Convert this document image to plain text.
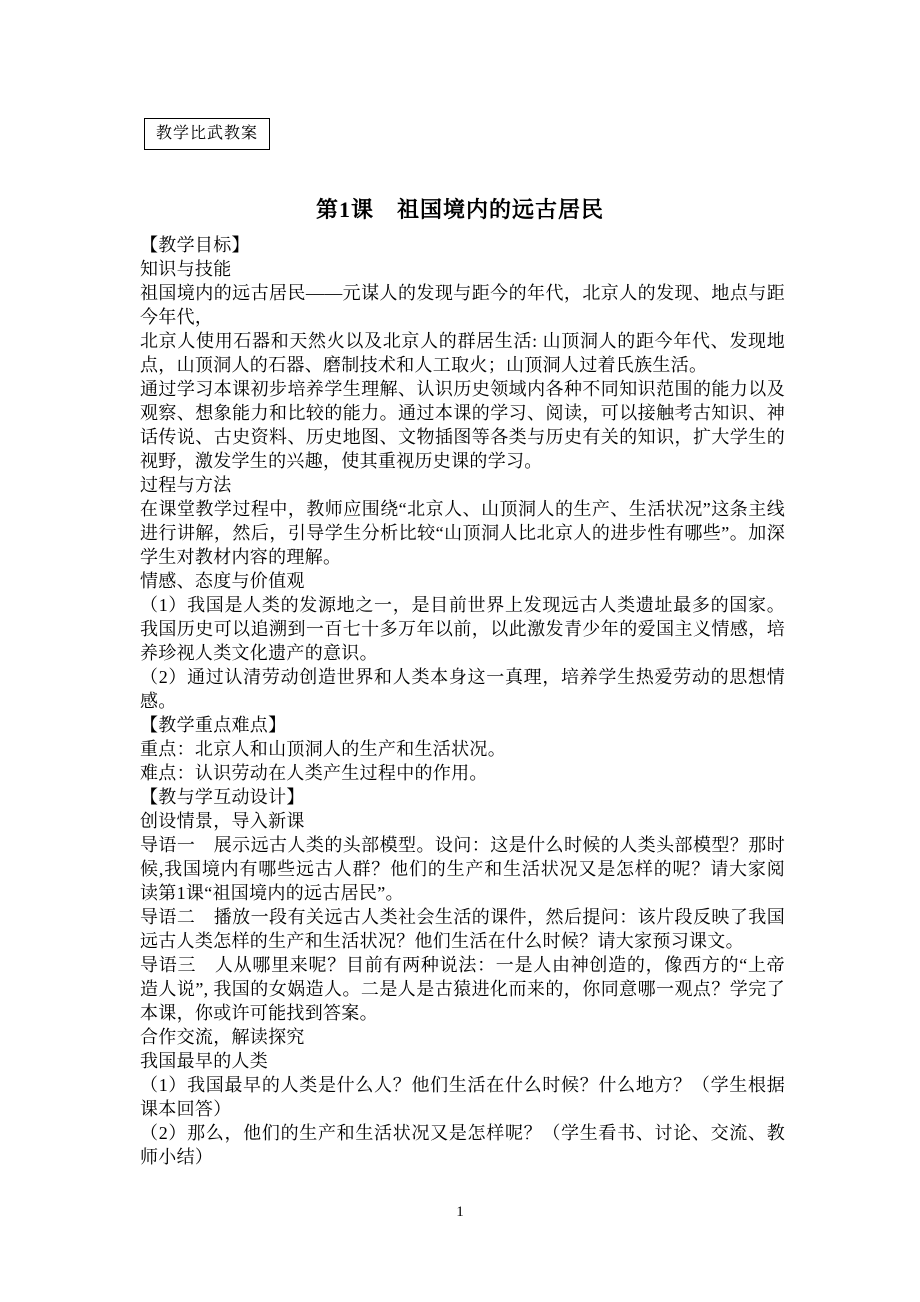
教学比武教案
第1课　祖国境内的远古居民
【教学目标】
知识与技能
祖国境内的远古居民——元谋人的发现与距今的年代，北京人的发现、地点与距今年代，
北京人使用石器和天然火以及北京人的群居生活: 山顶洞人的距今年代、发现地点，山顶洞人的石器、磨制技术和人工取火；山顶洞人过着氏族生活。
通过学习本课初步培养学生理解、认识历史领域内各种不同知识范围的能力以及观察、想象能力和比较的能力。通过本课的学习、阅读，可以接触考古知识、神话传说、古史资料、历史地图、文物插图等各类与历史有关的知识，扩大学生的视野，激发学生的兴趣，使其重视历史课的学习。
过程与方法
在课堂教学过程中，教师应围绕“北京人、山顶洞人的生产、生活状况”这条主线进行讲解，然后，引导学生分析比较“山顶洞人比北京人的进步性有哪些”。加深学生对教材内容的理解。
情感、态度与价值观
（1）我国是人类的发源地之一，是目前世界上发现远古人类遗址最多的国家。我国历史可以追溯到一百七十多万年以前，以此激发青少年的爱国主义情感，培养珍视人类文化遗产的意识。
（2）通过认清劳动创造世界和人类本身这一真理，培养学生热爱劳动的思想情感。
【教学重点难点】
重点：北京人和山顶洞人的生产和生活状况。
难点：认识劳动在人类产生过程中的作用。
【教与学互动设计】
创设情景，导入新课
导语一　展示远古人类的头部模型。设问：这是什么时候的人类头部模型？那时候,我国境内有哪些远古人群？他们的生产和生活状况又是怎样的呢？请大家阅读第1课“祖国境内的远古居民”。
导语二　播放一段有关远古人类社会生活的课件，然后提问：该片段反映了我国远古人类怎样的生产和生活状况？他们生活在什么时候？请大家预习课文。
导语三　人从哪里来呢？目前有两种说法：一是人由神创造的，像西方的“上帝造人说”, 我国的女娲造人。二是人是古猿进化而来的，你同意哪一观点？学完了本课，你或许可能找到答案。
合作交流，解读探究
我国最早的人类
（1）我国最早的人类是什么人？他们生活在什么时候？什么地方？（学生根据课本回答）
（2）那么，他们的生产和生活状况又是怎样呢？（学生看书、讨论、交流、教师小结）
1
